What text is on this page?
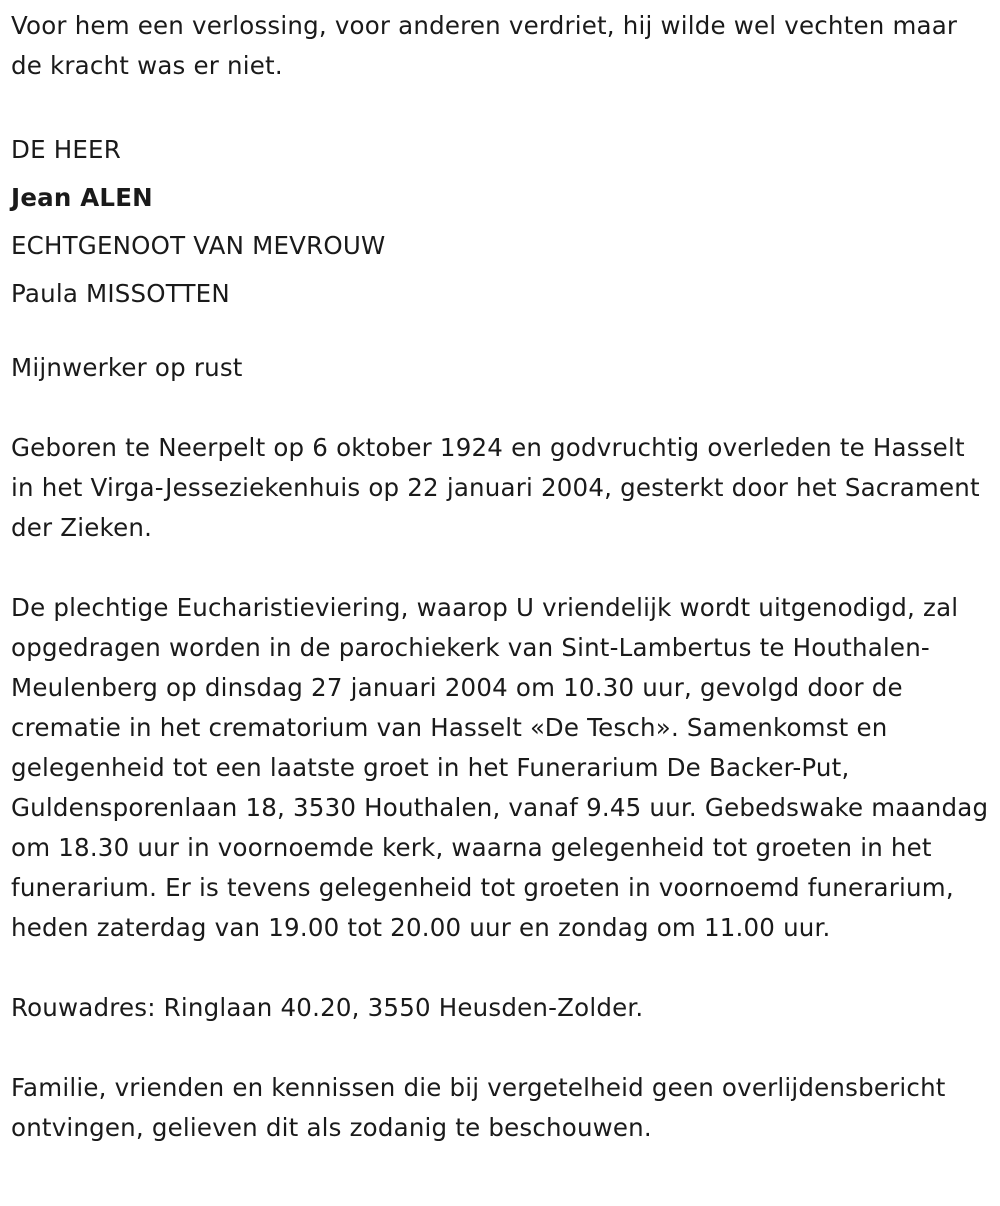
Voor hem een verlossing, voor anderen verdriet, hij wilde wel vechten maar de kracht was er niet.

DE HEER
Jean ALEN
ECHTGENOOT VAN MEVROUW
Paula MISSOTTEN

Mijnwerker op rust

Geboren te Neerpelt op 6 oktober 1924 en godvruchtig overleden te Hasselt in het Virga-Jesseziekenhuis op 22 januari 2004, gesterkt door het Sacrament der Zieken.

De plechtige Eucharistieviering, waarop U vriendelijk wordt uitgenodigd, zal opgedragen worden in de parochiekerk van Sint-Lambertus te Houthalen-Meulenberg op dinsdag 27 januari 2004 om 10.30 uur, gevolgd door de crematie in het crematorium van Hasselt «De Tesch». Samenkomst en gelegenheid tot een laatste groet in het Funerarium De Backer-Put, Guldensporenlaan 18, 3530 Houthalen, vanaf 9.45 uur. Gebedswake maandag om 18.30 uur in voornoemde kerk, waarna gelegenheid tot groeten in het funerarium. Er is tevens gelegenheid tot groeten in voornoemd funerarium, heden zaterdag van 19.00 tot 20.00 uur en zondag om 11.00 uur.

Rouwadres: Ringlaan 40.20, 3550 Heusden-Zolder.

Familie, vrienden en kennissen die bij vergetelheid geen overlijdensbericht ontvingen, gelieven dit als zodanig te beschouwen.
